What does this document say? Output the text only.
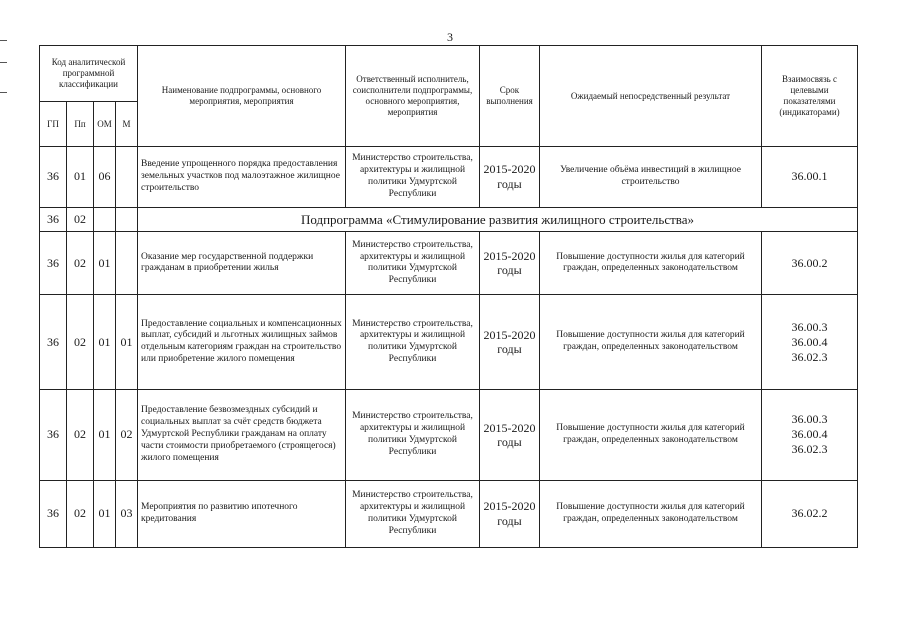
3
Код аналитической программной классификации				Наименование подпрограммы, основного мероприятия, мероприятия	Ответственный исполнитель, соисполнители подпрограммы, основного мероприятия, мероприятия	Срок выполнения	Ожидаемый непосредственный результат	Взаимосвязь с целевыми показателями (индикаторами)
ГП	Пп	ОМ	М					
36	01	06		Введение упрощенного порядка предоставления земельных участков под малоэтажное жилищное строительство	Министерство строительства, архитектуры и жилищной политики Удмуртской Республики	2015-2020 годы	Увеличение объёма инвестиций в жилищное строительство	36.00.1

36	02			Подпрограмма «Стимулирование развития жилищного строительства»				
36	02	01		Оказание мер государственной поддержки гражданам в приобретении жилья	Министерство строительства, архитектуры и жилищной политики Удмуртской Республики	2015-2020 годы	Повышение доступности жилья для категорий граждан, определенных законодательством	36.00.2

36	02	01	01	Предоставление социальных и компенсационных выплат, субсидий и льготных жилищных займов отдельным категориям граждан на строительство или приобретение жилого помещения	Министерство строительства, архитектуры и жилищной политики Удмуртской Республики	2015-2020 годы	Повышение доступности жилья для категорий граждан, определенных законодательством	36.00.3
36.00.4
36.02.3

36	02	01	02	Предоставление безвозмездных субсидий и социальных выплат за счёт средств бюджета Удмуртской Республики гражданам на оплату части стоимости приобретаемого (строящегося) жилого помещения	Министерство строительства, архитектуры и жилищной политики Удмуртской Республики	2015-2020 годы	Повышение доступности жилья для категорий граждан, определенных законодательством	36.00.3
36.00.4
36.02.3

36	02	01	03	Мероприятия по развитию ипотечного кредитования	Министерство строительства, архитектуры и жилищной политики Удмуртской Республики	2015-2020 годы	Повышение доступности жилья для категорий граждан, определенных законодательством	36.02.2
